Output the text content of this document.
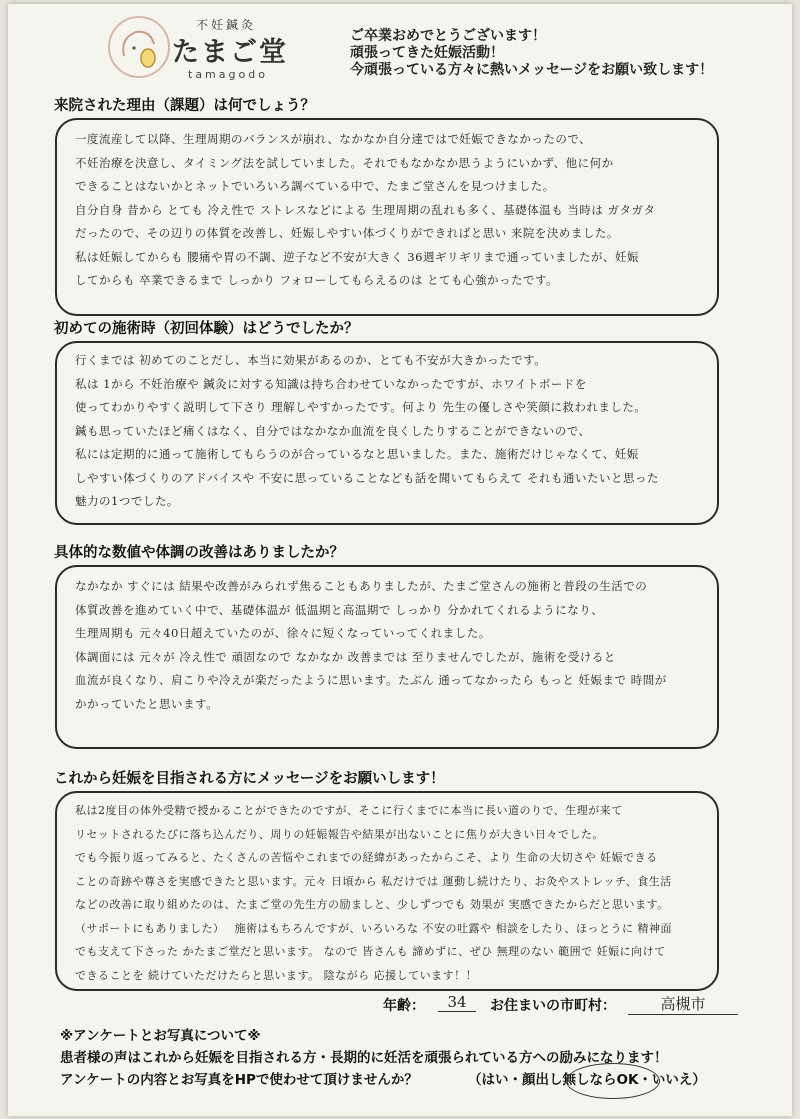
不妊鍼灸
たまご堂
tamagodo
ご卒業おめでとうございます！
頑張ってきた妊娠活動！
今頑張っている方々に熱いメッセージをお願い致します！
来院された理由（課題）は何でしょう？
一度流産して以降、生理周期のバランスが崩れ、なかなか自分達ではで妊娠できなかったので、
不妊治療を決意し、タイミング法を試していました。それでもなかなか思うようにいかず、他に何か
できることはないかとネットでいろいろ調べている中で、たまご堂さんを見つけました。
自分自身 昔から とても 冷え性で ストレスなどによる 生理周期の乱れも多く、基礎体温も 当時は ガタガタ
だったので、その辺りの体質を改善し、妊娠しやすい体づくりができればと思い 来院を決めました。
私は妊娠してからも 腰痛や胃の不調、逆子など不安が大きく 36週ギリギリまで通っていましたが、妊娠
してからも 卒業できるまで しっかり フォローしてもらえるのは とても心強かったです。
初めての施術時（初回体験）はどうでしたか？
行くまでは 初めてのことだし、本当に効果があるのか、とても不安が大きかったです。
私は 1から 不妊治療や 鍼灸に対する知識は持ち合わせていなかったですが、ホワイトボードを
使ってわかりやすく説明して下さり 理解しやすかったです。何より 先生の優しさや笑顔に救われました。
鍼も思っていたほど痛くはなく、自分ではなかなか血流を良くしたりすることができないので、
私には定期的に通って施術してもらうのが合っているなと思いました。また、施術だけじゃなくて、妊娠
しやすい体づくりのアドバイスや 不安に思っていることなども話を聞いてもらえて それも通いたいと思った
魅力の1つでした。
具体的な数値や体調の改善はありましたか？
なかなか すぐには 結果や改善がみられず焦ることもありましたが、たまご堂さんの施術と普段の生活での
体質改善を進めていく中で、基礎体温が 低温期と高温期で しっかり 分かれてくれるようになり、
生理周期も 元々40日超えていたのが、徐々に短くなっていってくれました。
体調面には 元々が 冷え性で 頑固なので なかなか 改善までは 至りませんでしたが、施術を受けると
血流が良くなり、肩こりや冷えが楽だったように思います。たぶん 通ってなかったら もっと 妊娠まで 時間が
かかっていたと思います。
これから妊娠を目指される方にメッセージをお願いします！
私は2度目の体外受精で授かることができたのですが、そこに行くまでに本当に長い道のりで、生理が来て
リセットされるたびに落ち込んだり、周りの妊娠報告や結果が出ないことに焦りが大きい日々でした。
でも今振り返ってみると、たくさんの苦悩やこれまでの経緯があったからこそ、より 生命の大切さや 妊娠できる
ことの奇跡や尊さを実感できたと思います。元々 日頃から 私だけでは 運動し続けたり、お灸やストレッチ、食生活
などの改善に取り組めたのは、たまご堂の先生方の励ましと、少しずつでも 効果が 実感できたからだと思います。
（サポートにもありました）　 施術はもちろんですが、いろいろな 不安の吐露や 相談をしたり、ほっとうに 精神面
でも支えて下さった かたまご堂だと思います。 なので 皆さんも 諦めずに、ぜひ 無理のない 範囲で 妊娠に向けて
できることを 続けていただけたらと思います。 陰ながら 応援しています！！
年齢：	34	お住まいの市町村：	高槻市
※アンケートとお写真について※
患者様の声はこれから妊娠を目指される方・長期的に妊活を頑張られている方への励みになります！
アンケートの内容とお写真をHPで使わせて頂けませんか？	（はい・顔出し無しならOK・いいえ）
